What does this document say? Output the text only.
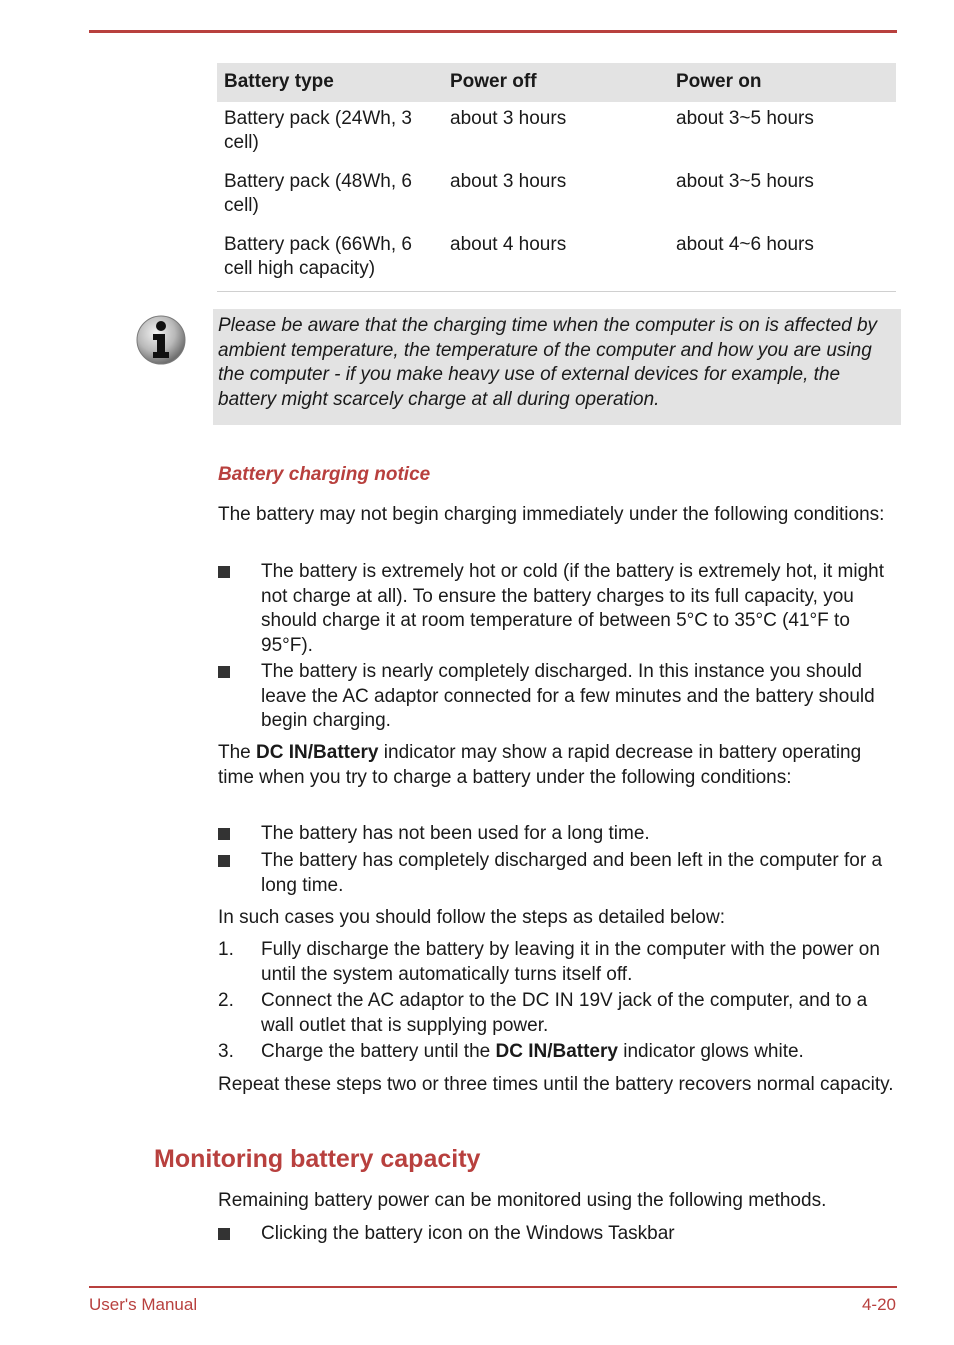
Battery type	Power off	Power on
Battery pack (24Wh, 3 cell)	about 3 hours	about 3~5 hours
Battery pack (48Wh, 6 cell)	about 3 hours	about 3~5 hours
Battery pack (66Wh, 6 cell high capacity)	about 4 hours	about 4~6 hours
Please be aware that the charging time when the computer is on is affected by ambient temperature, the temperature of the computer and how you are using the computer - if you make heavy use of external devices for example, the battery might scarcely charge at all during operation.
Battery charging notice

The battery may not begin charging immediately under the following conditions:

The battery is extremely hot or cold (if the battery is extremely hot, it might not charge at all). To ensure the battery charges to its full capacity, you should charge it at room temperature of between 5°C to 35°C (41°F to 95°F).
The battery is nearly completely discharged. In this instance you should leave the AC adaptor connected for a few minutes and the battery should begin charging.

The DC IN/Battery indicator may show a rapid decrease in battery operating time when you try to charge a battery under the following conditions:

The battery has not been used for a long time.
The battery has completely discharged and been left in the computer for a long time.

In such cases you should follow the steps as detailed below:

1. Fully discharge the battery by leaving it in the computer with the power on until the system automatically turns itself off.
2. Connect the AC adaptor to the DC IN 19V jack of the computer, and to a wall outlet that is supplying power.
3. Charge the battery until the DC IN/Battery indicator glows white.

Repeat these steps two or three times until the battery recovers normal capacity.

Monitoring battery capacity

Remaining battery power can be monitored using the following methods.

Clicking the battery icon on the Windows Taskbar
User's Manual	4-20
